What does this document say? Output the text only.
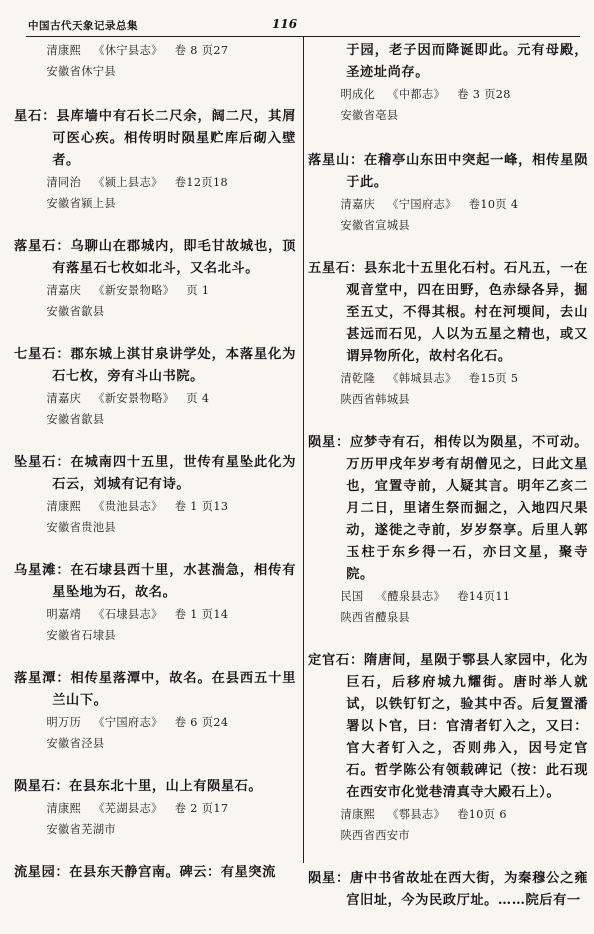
中国古代天象记录总集	116
清康熙 《休宁县志》 卷 8 页27
安徽省休宁县

星石：县库墙中有石长二尺余，阔二尺，其屑可医心疾。相传明时陨星贮库后砌入壁者。

清同治 《颍上县志》 卷12页18
安徽省颍上县

落星石：乌聊山在郡城内，即毛甘故城也，顶有落星石七枚如北斗，又名北斗。

清嘉庆 《新安景物略》 页 1
安徽省歙县

七星石：郡东城上淇甘泉讲学处，本落星化为石七枚，旁有斗山书院。

清嘉庆 《新安景物略》 页 4
安徽省歙县

坠星石：在城南四十五里，世传有星坠此化为石云，刘城有记有诗。

清康熙 《贵池县志》 卷 1 页13
安徽省贵池县

乌星滩：在石埭县西十里，水甚湍急，相传有星坠地为石，故名。

明嘉靖 《石埭县志》 卷 1 页14
安徽省石埭县

落星潭：相传星落潭中，故名。在县西五十里兰山下。

明万历 《宁国府志》 卷 6 页24
安徽省泾县

陨星石：在县东北十里，山上有陨星石。

清康熙 《芜湖县志》 卷 2 页17
安徽省芜湖市

流星园：在县东天静宫南。碑云：有星突流

于园，老子因而降诞即此。元有母殿，圣迹址尚存。

明成化 《中都志》 卷 3 页28
安徽省亳县

落星山：在稽亭山东田中突起一峰，相传星陨于此。

清嘉庆 《宁国府志》 卷10页 4
安徽省宣城县

五星石：县东北十五里化石村。石凡五，一在观音堂中，四在田野，色赤绿各异，掘至五丈，不得其根。村在河堧间，去山甚远而石见，人以为五星之精也，或又谓异物所化，故村名化石。

清乾隆 《韩城县志》 卷15页 5
陕西省韩城县

陨星：应梦寺有石，相传以为陨星，不可动。万历甲戌年岁考有胡僧见之，曰此文星也，宜置寺前，人疑其言。明年乙亥二月二日，里诸生祭而掘之，入地四尺果动，遂徙之寺前，岁岁祭享。后里人郭玉柱于东乡得一石，亦曰文星，聚寺院。

民国 《醴泉县志》 卷14页11
陕西省醴泉县

定官石：隋唐间，星陨于鄠县人家园中，化为巨石，后移府城九耀街。唐时举人就试，以铁钉钉之，验其中否。后复置潘署以卜官，曰：官清者钉入之，又曰：官大者钉入之，否则弗入，因号定官石。哲学陈公有领载碑记（按：此石现在西安市化觉巷清真寺大殿石上）。

清康熙 《鄠县志》 卷10页 6
陕西省西安市

陨星：唐中书省故址在西大街，为秦穆公之雍宫旧址，今为民政厅址。……院后有一
